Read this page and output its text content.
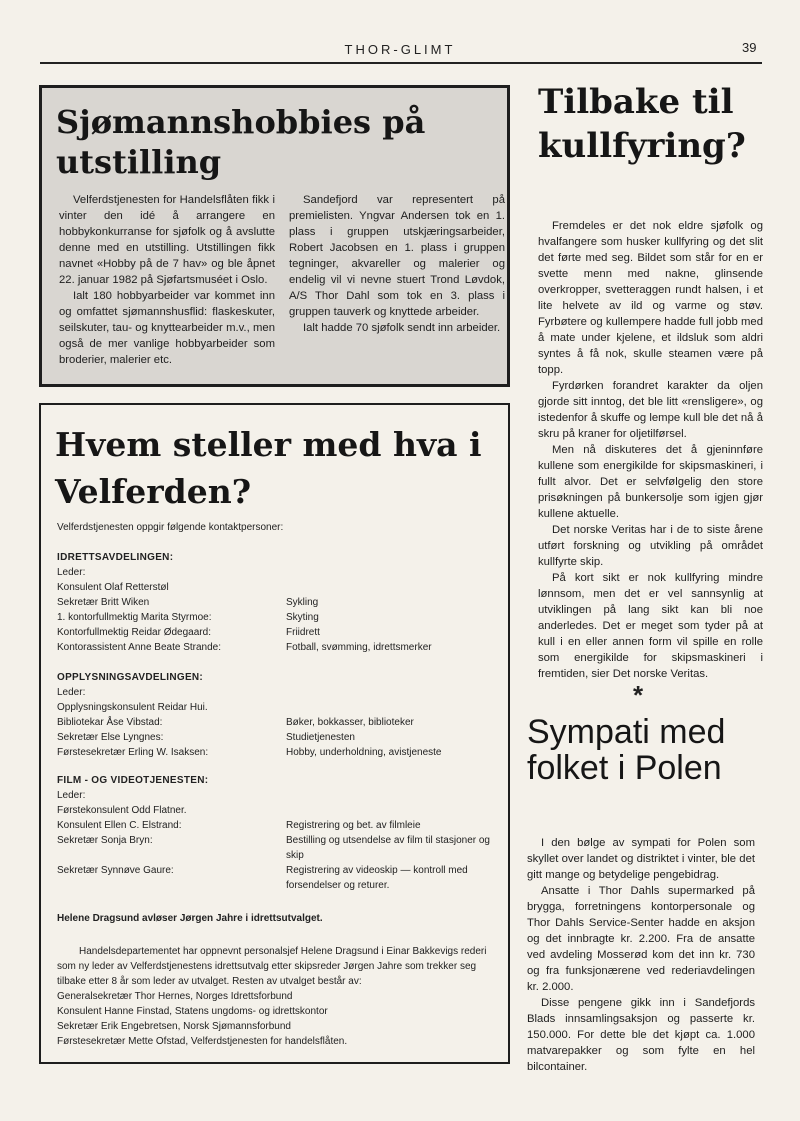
THOR-GLIMT	39
Sjømannshobbies på utstilling

Velferdstjenesten for Handelsflåten fikk i vinter den idé å arrangere en hobbykonkurranse for sjøfolk og å avslutte denne med en utstilling. Utstillingen fikk navnet «Hobby på de 7 hav» og ble åpnet 22. januar 1982 på Sjøfartsmuséet i Oslo.

Ialt 180 hobbyarbeider var kommet inn og omfattet sjømannshusflid: flaskeskuter, seilskuter, tau- og knyttearbeider m.v., men også de mer vanlige hobbyarbeider som broderier, malerier etc.

Sandefjord var representert på premielisten. Yngvar Andersen tok en 1. plass i gruppen utskjæringsarbeider, Robert Jacobsen en 1. plass i gruppen tegninger, akvareller og malerier og endelig vil vi nevne stuert Trond Løvdok, A/S Thor Dahl som tok en 3. plass i gruppen tauverk og knyttede arbeider.

Ialt hadde 70 sjøfolk sendt inn arbeider.

Hvem steller med hva i Velferden?
Velferdstjenesten oppgir følgende kontaktpersoner:
IDRETTSAVDELINGEN:
Leder:
Konsulent Olaf Retterstøl
Sekretær Britt Wiken	Sykling
1. kontorfullmektig Marita Styrmoe:	Skyting
Kontorfullmektig Reidar Ødegaard:	Friidrett
Kontorassistent Anne Beate Strande:	Fotball, svømming, idrettsmerker
OPPLYSNINGSAVDELINGEN:
Leder:
Opplysningskonsulent Reidar Hui.
Bibliotekar Åse Vibstad:	Bøker, bokkasser, biblioteker
Sekretær Else Lyngnes:	Studietjenesten
Førstesekretær Erling W. Isaksen:	Hobby, underholdning, avistjeneste
FILM - OG VIDEOTJENESTEN:
Leder:
Førstekonsulent Odd Flatner.
Konsulent Ellen C. Elstrand:	Registrering og bet. av filmleie
Sekretær Sonja Bryn:	Bestilling og utsendelse av film til stasjoner og skip
Sekretær Synnøve Gaure:	Registrering av videoskip — kontroll med forsendelser og returer.
Helene Dragsund avløser Jørgen Jahre i idrettsutvalget.

Handelsdepartementet har oppnevnt personalsjef Helene Dragsund i Einar Bakkevigs rederi som ny leder av Velferdstjenestens idrettsutvalg etter skipsreder Jørgen Jahre som trekker seg tilbake etter 8 år som leder av utvalget. Resten av utvalget består av:

Generalsekretær Thor Hernes, Norges Idrettsforbund

Konsulent Hanne Finstad, Statens ungdoms- og idrettskontor

Sekretær Erik Engebretsen, Norsk Sjømannsforbund

Førstesekretær Mette Ofstad, Velferdstjenesten for handelsflåten.

Tilbake til kullfyring?

Fremdeles er det nok eldre sjøfolk og hvalfangere som husker kullfyring og det slit det førte med seg. Bildet som står for en er svette menn med nakne, glinsende overkropper, svetteraggen rundt halsen, i et lite helvete av ild og varme og støv. Fyrbøtere og kullempere hadde full jobb med å mate under kjelene, et ildsluk som aldri syntes å få nok, skulle steamen være på topp.

Fyrdørken forandret karakter da oljen gjorde sitt inntog, det ble litt «rensligere», og istedenfor å skuffe og lempe kull ble det nå å skru på kraner for oljetilførsel.

Men nå diskuteres det å gjeninnføre kullene som energikilde for skipsmaskineri, i fullt alvor. Det er selvfølgelig den store prisøkningen på bunkersolje som igjen gjør kullene aktuelle.

Det norske Veritas har i de to siste årene utført forskning og utvikling på området kullfyrte skip.

På kort sikt er nok kullfyring mindre lønnsom, men det er vel sannsynlig at utviklingen på lang sikt kan bli noe anderledes. Det er meget som tyder på at kull i en eller annen form vil spille en rolle som energikilde for skipsmaskineri i fremtiden, sier Det norske Veritas.

*
Sympati med folket i Polen

I den bølge av sympati for Polen som skyllet over landet og distriktet i vinter, ble det gitt mange og betydelige pengebidrag.

Ansatte i Thor Dahls supermarked på brygga, forretningens kontorpersonale og Thor Dahls Service-Senter hadde en aksjon og det innbragte kr. 2.200. Fra de ansatte ved avdeling Mosserød kom det inn kr. 730 og fra funksjonærene ved rederiavdelingen kr. 2.000.

Disse pengene gikk inn i Sandefjords Blads innsamlingsaksjon og passerte kr. 150.000. For dette ble det kjøpt ca. 1.000 matvarepakker og som fylte en hel bilcontainer.
